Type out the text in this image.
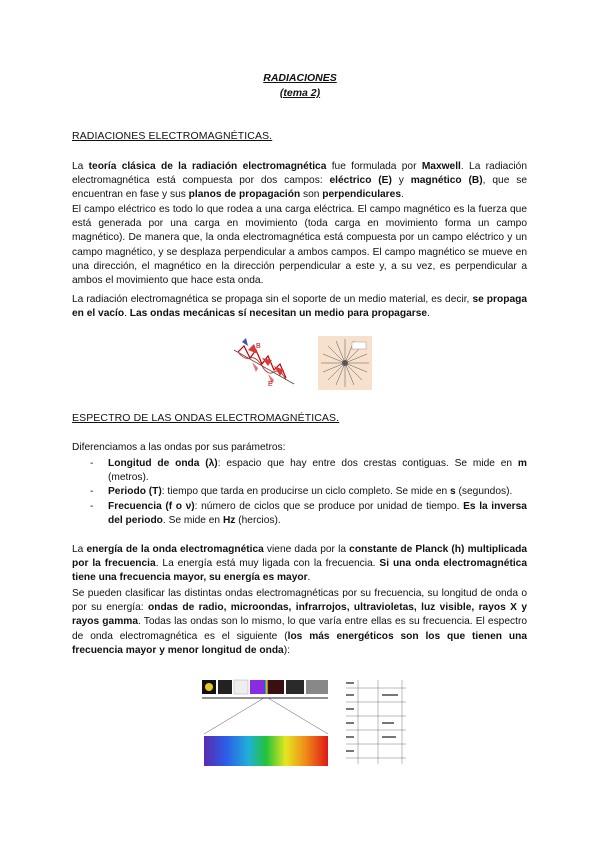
RADIACIONES
(tema 2)
RADIACIONES ELECTROMAGNÉTICAS.

La teoría clásica de la radiación electromagnética fue formulada por Maxwell. La radiación electromagnética está compuesta por dos campos: eléctrico (E) y magnético (B), que se encuentran en fase y sus planos de propagación son perpendiculares.

El campo eléctrico es todo lo que rodea a una carga eléctrica. El campo magnético es la fuerza que está generada por una carga en movimiento (toda carga en movimiento forma un campo magnético). De manera que, la onda electromagnética está compuesta por un campo eléctrico y un campo magnético, y se desplaza perpendicular a ambos campos. El campo magnético se mueve en una dirección, el magnético en la dirección perpendicular a este y, a su vez, es perpendicular a ambos el movimiento que hace esta onda.

La radiación electromagnética se propaga sin el soporte de un medio material, es decir, se propaga en el vacío. Las ondas mecánicas sí necesitan un medio para propagarse.

B
E
ESPECTRO DE LAS ONDAS ELECTROMAGNÉTICAS.

Diferenciamos a las ondas por sus parámetros:

- Longitud de onda (λ): espacio que hay entre dos crestas contiguas. Se mide en m (metros).
- Periodo (T): tiempo que tarda en producirse un ciclo completo. Se mide en s (segundos).
- Frecuencia (f o ν): número de ciclos que se produce por unidad de tiempo. Es la inversa del periodo. Se mide en Hz (hercios).

La energía de la onda electromagnética viene dada por la constante de Planck (h) multiplicada por la frecuencia. La energía está muy ligada con la frecuencia. Si una onda electromagnética tiene una frecuencia mayor, su energía es mayor.

Se pueden clasificar las distintas ondas electromagnéticas por su frecuencia, su longitud de onda o por su energía: ondas de radio, microondas, infrarrojos, ultravioletas, luz visible, rayos X y rayos gamma. Todas las ondas son lo mismo, lo que varía entre ellas es su frecuencia. El espectro de onda electromagnética es el siguiente (los más energéticos son los que tienen una frecuencia mayor y menor longitud de onda):
